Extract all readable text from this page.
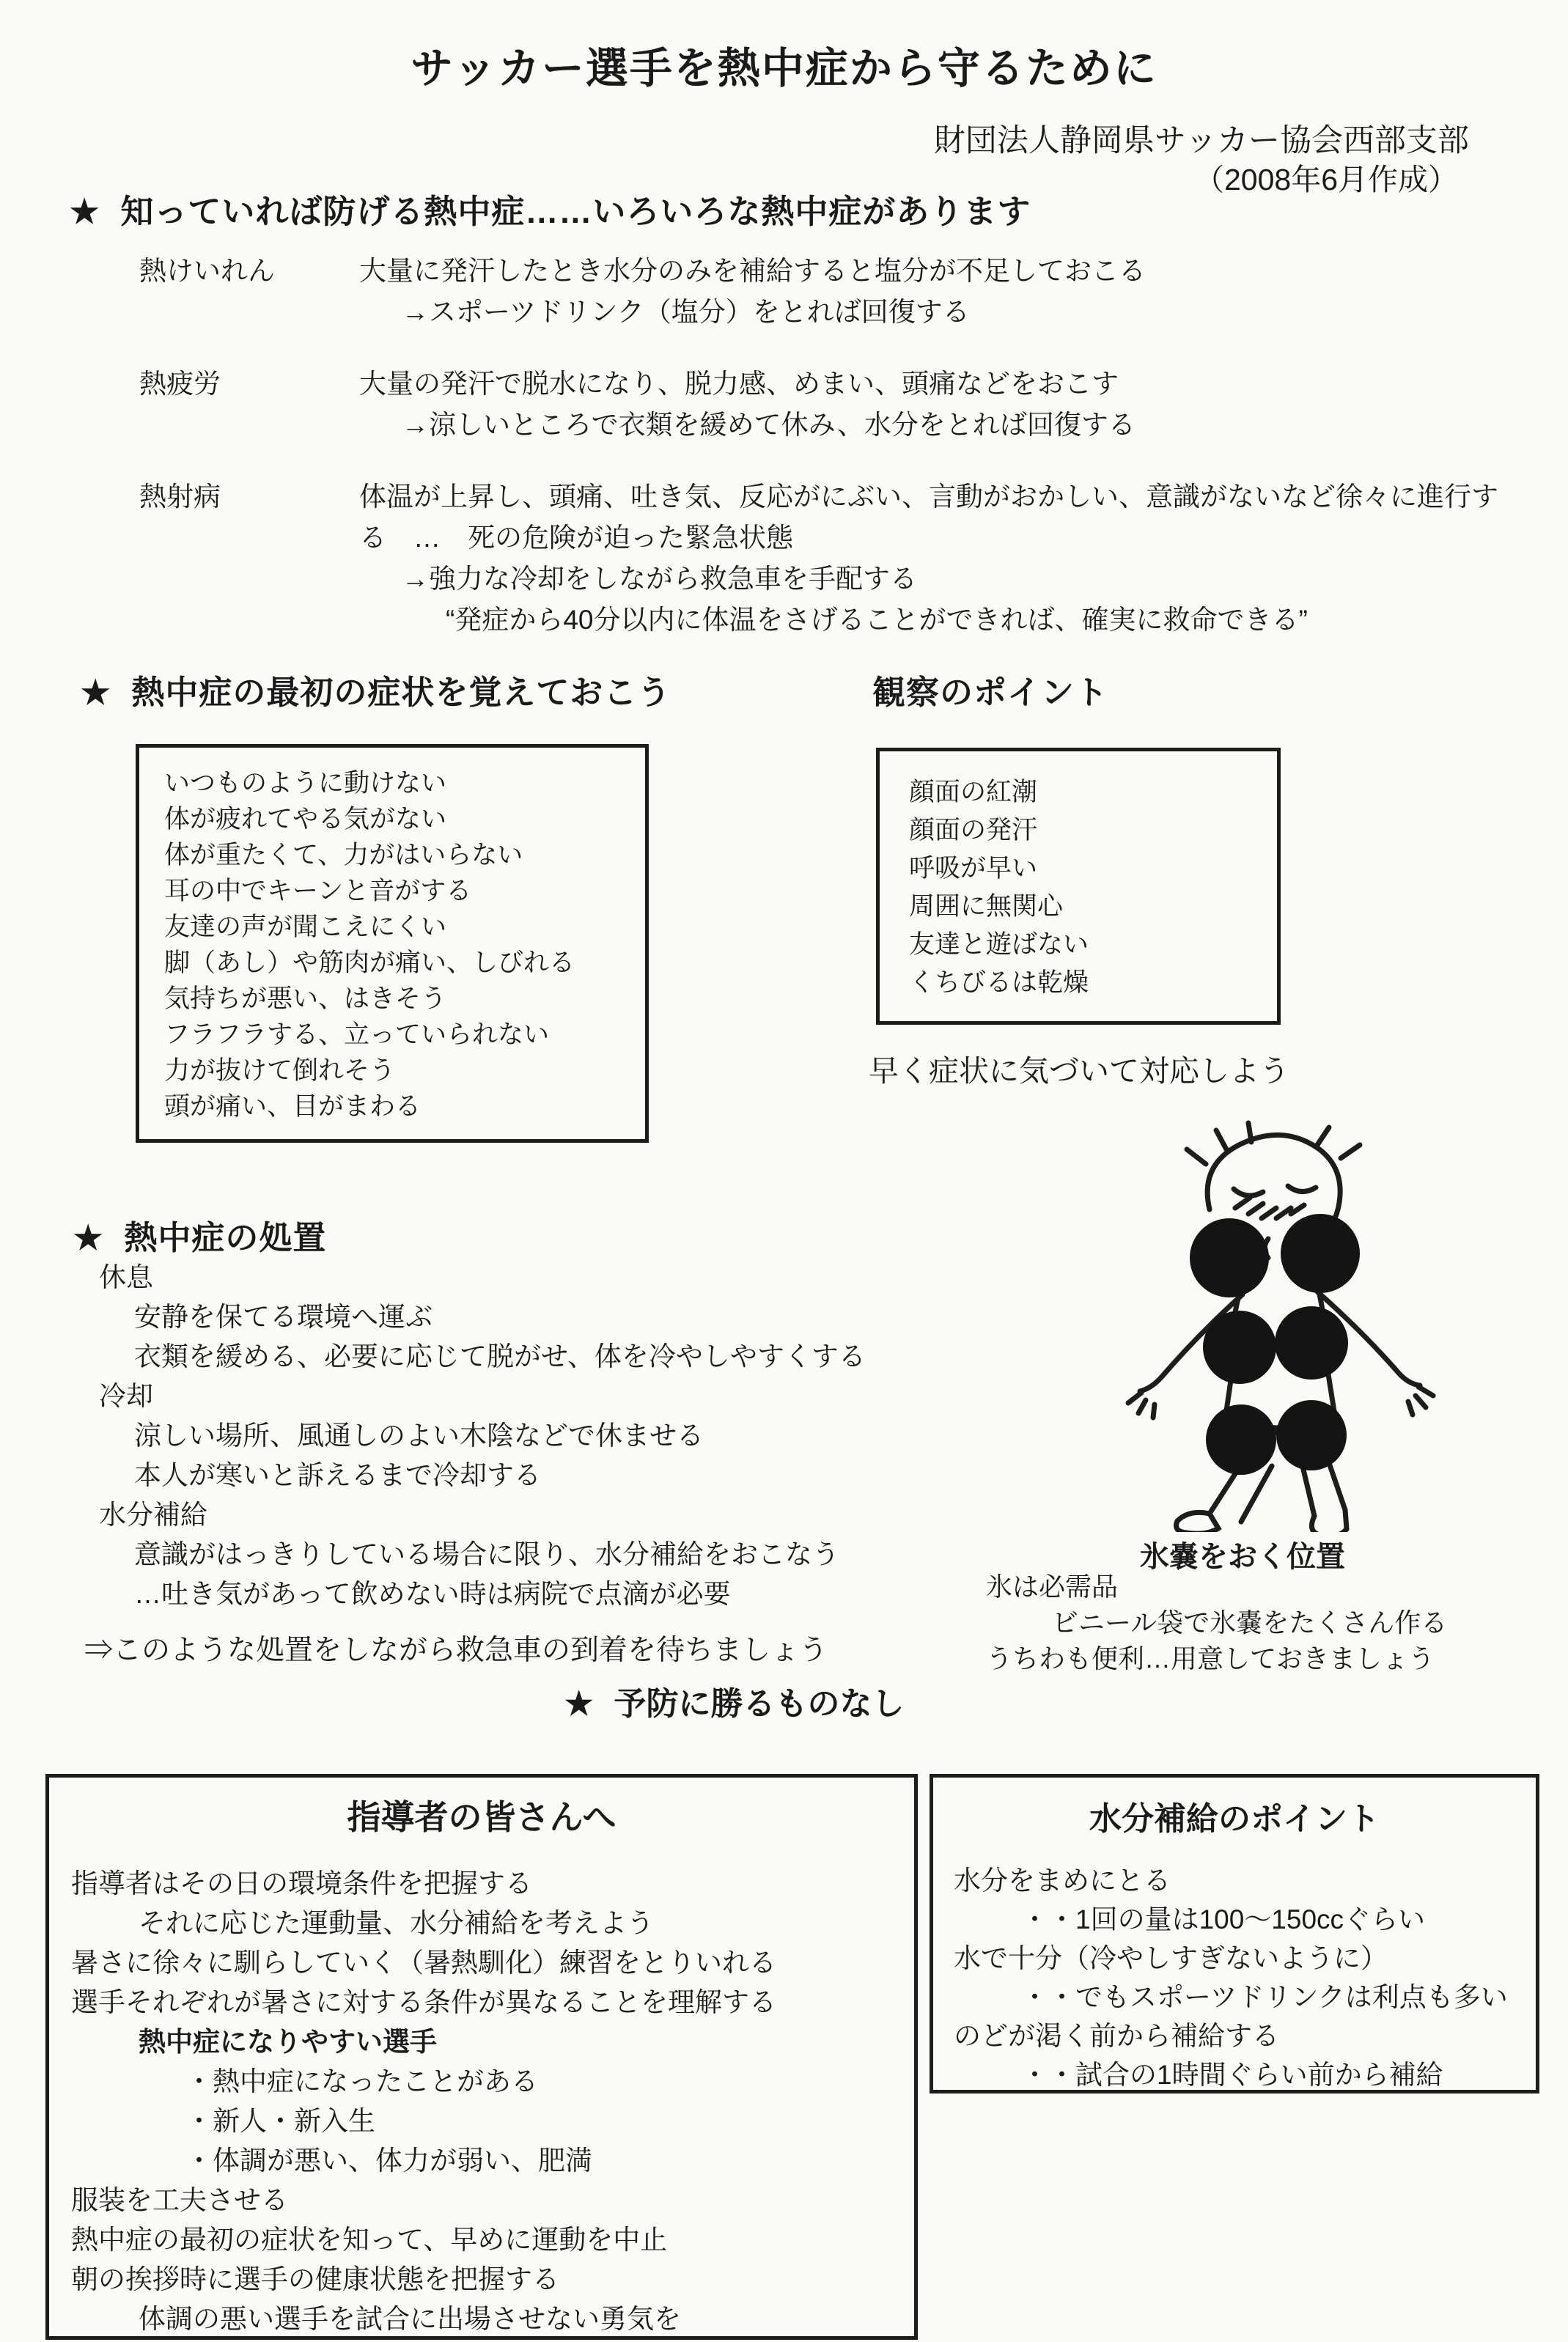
サッカー選手を熱中症から守るために
財団法人静岡県サッカー協会西部支部
（2008年6月作成）
★ 知っていれば防げる熱中症……いろいろな熱中症があります
熱けいれん	大量に発汗したとき水分のみを補給すると塩分が不足しておこる
→スポーツドリンク（塩分）をとれば回復する
熱疲労	大量の発汗で脱水になり、脱力感、めまい、頭痛などをおこす
→涼しいところで衣類を緩めて休み、水分をとれば回復する
熱射病	体温が上昇し、頭痛、吐き気、反応がにぶい、言動がおかしい、意識がないなど徐々に進行する　…　死の危険が迫った緊急状態
→強力な冷却をしながら救急車を手配する
“発症から40分以内に体温をさげることができれば、確実に救命できる”
★ 熱中症の最初の症状を覚えておこう	観察のポイント
いつものように動けない
体が疲れてやる気がない
体が重たくて、力がはいらない
耳の中でキーンと音がする
友達の声が聞こえにくい
脚（あし）や筋肉が痛い、しびれる
気持ちが悪い、はきそう
フラフラする、立っていられない
力が抜けて倒れそう
頭が痛い、目がまわる
顔面の紅潮
顔面の発汗
呼吸が早い
周囲に無関心
友達と遊ばない
くちびるは乾燥
早く症状に気づいて対応しよう
★ 熱中症の処置
休息
安静を保てる環境へ運ぶ
衣類を緩める、必要に応じて脱がせ、体を冷やしやすくする
冷却
涼しい場所、風通しのよい木陰などで休ませる
本人が寒いと訴えるまで冷却する
水分補給
意識がはっきりしている場合に限り、水分補給をおこなう
…吐き気があって飲めない時は病院で点滴が必要
⇒このような処置をしながら救急車の到着を待ちましょう
氷嚢をおく位置
氷は必需品
ビニール袋で氷嚢をたくさん作る
うちわも便利…用意しておきましょう
★ 予防に勝るものなし
指導者の皆さんへ
指導者はその日の環境条件を把握する
それに応じた運動量、水分補給を考えよう
暑さに徐々に馴らしていく（暑熱馴化）練習をとりいれる
選手それぞれが暑さに対する条件が異なることを理解する
熱中症になりやすい選手
・熱中症になったことがある
・新人・新入生
・体調が悪い、体力が弱い、肥満
服装を工夫させる
熱中症の最初の症状を知って、早めに運動を中止
朝の挨拶時に選手の健康状態を把握する
体調の悪い選手を試合に出場させない勇気を
水分補給のポイント
水分をまめにとる
・・1回の量は100～150ccぐらい
水で十分（冷やしすぎないように）
・・でもスポーツドリンクは利点も多い
のどが渇く前から補給する
・・試合の1時間ぐらい前から補給
